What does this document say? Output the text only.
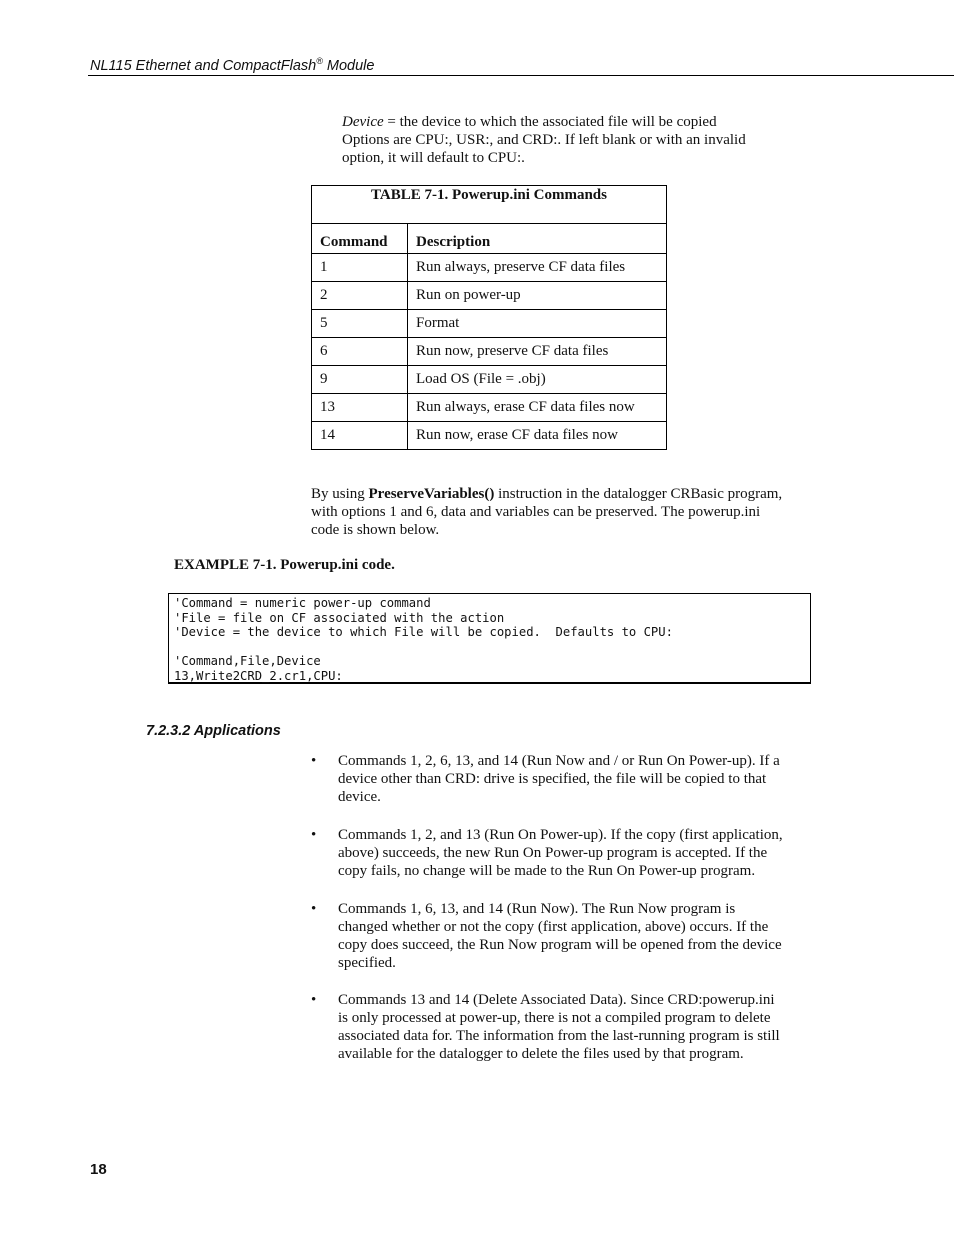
NL115 Ethernet and CompactFlash® Module

Device = the device to which the associated file will be copied

Options are CPU:, USR:, and CRD:. If left blank or with an invalid

option, it will default to CPU:.

TABLE 7-1. Powerup.ini Commands	
Command	Description
1	Run always, preserve CF data files
2	Run on power-up
5	Format
6	Run now, preserve CF data files
9	Load OS (File = .obj)
13	Run always, erase CF data files now
14	Run now, erase CF data files now

By using PreserveVariables() instruction in the datalogger CRBasic program,

with options 1 and 6, data and variables can be preserved. The powerup.ini

code is shown below.

EXAMPLE 7-1. Powerup.ini code.
'Command = numeric power-up command
'File = file on CF associated with the action
'Device = the device to which File will be copied.  Defaults to CPU:

'Command,File,Device
13,Write2CRD_2.cr1,CPU:
7.2.3.2 Applications
• Commands 1, 2, 6, 13, and 14 (Run Now and / or Run On Power-up). If a
device other than CRD: drive is specified, the file will be copied to that
device.
• Commands 1, 2, and 13 (Run On Power-up). If the copy (first application,
above) succeeds, the new Run On Power-up program is accepted. If the
copy fails, no change will be made to the Run On Power-up program.
• Commands 1, 6, 13, and 14 (Run Now). The Run Now program is
changed whether or not the copy (first application, above) occurs. If the
copy does succeed, the Run Now program will be opened from the device
specified.
• Commands 13 and 14 (Delete Associated Data). Since CRD:powerup.ini
is only processed at power-up, there is not a compiled program to delete
associated data for. The information from the last-running program is still
available for the datalogger to delete the files used by that program.
18
